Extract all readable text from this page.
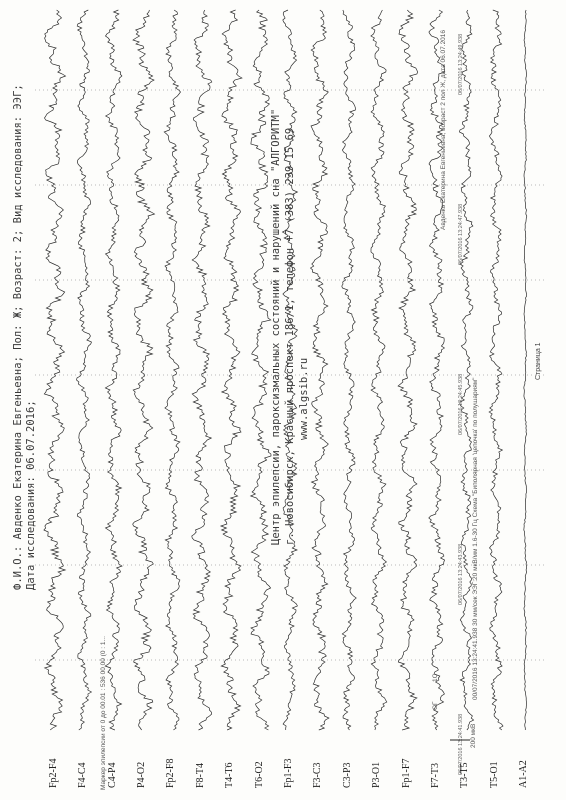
Центр эпилепсии, пароксизмальных состояний и нарушений сна "АЛГОРИТМ" г. Новосибирск, Красный проспект 186/1, телефон +7 (383) 239-15-69 www.algsib.ru
Ф.И.О.: Авденко Екатерина Евгеньевна; Пол: Ж; Возраст: 2; Вид исследования: ЭЭГ; Дата исследования: 06.07.2016;	00/07/2016 13:24:41.938 30 мм/сек ЭЭГ:20 мкВ/мм 1.6-30 Гц Схема "Биполярная 'цепочка' по полушариям"
Авденко Екатерина Евгеньевна, возраст 2 пол Ж, дата 06.07.2016
Маркер эпилепсии от 0 до 00.01 : 536 00 00 (0 : 1...	200 мкВ
ОГ
1С
06/07/2016 13:24:41.938
06/07/2016 13:24:43.938
06/07/2016 13:24:45.938
06/07/2016 13:24:47.938
06/07/2016 13:24:49.938
Fp2-F4 F4-C4 C4-P4 P4-O2 Fp2-F8 F8-T4 T4-T6 T6-O2 Fp1-F3 F3-C3 C3-P3 P3-O1 Fp1-F7 F7-T3 T3-T5 T5-O1 A1-A2
Страница 1
